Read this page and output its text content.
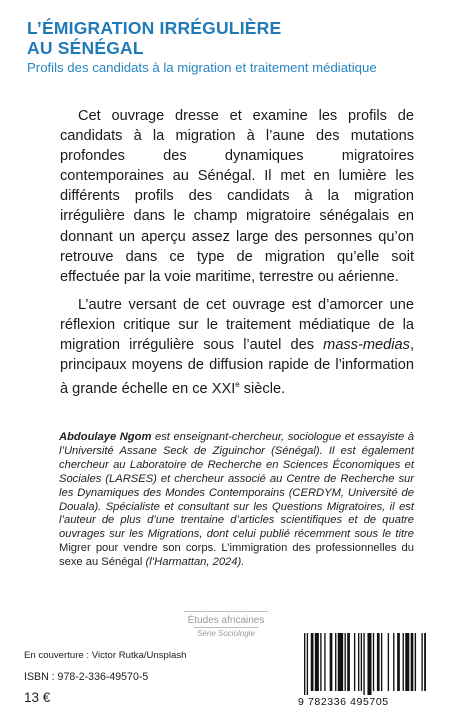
L’ÉMIGRATION IRRÉGULIÈRE
AU SÉNÉGAL

Profils des candidats à la migration et traitement médiatique

Cet ouvrage dresse et examine les profils de candidats à la migration à l’aune des mutations profondes des dynamiques migratoires contemporaines au Sénégal. Il met en lumière les différents profils des candidats à la migration irrégulière dans le champ migratoire sénégalais en donnant un aperçu assez large des personnes qu’on retrouve dans ce type de migration qu’elle soit effectuée par la voie maritime, terrestre ou aérienne.

L’autre versant de cet ouvrage est d’amorcer une réflexion critique sur le traitement médiatique de la migration irrégulière sous l’autel des mass-medias, principaux moyens de diffusion rapide de l’information à grande échelle en ce XXIe siècle.

Abdoulaye Ngom est enseignant-chercheur, sociologue et essayiste à l’Université Assane Seck de Ziguinchor (Sénégal). Il est également chercheur au Laboratoire de Recherche en Sciences Économiques et Sociales (LARSES) et chercheur associé au Centre de Recherche sur les Dynamiques des Mondes Contemporains (CERDYM, Université de Douala). Spécialiste et consultant sur les Questions Migratoires, il est l’auteur de plus d’une trentaine d’articles scientifiques et de quatre ouvrages sur les Migrations, dont celui publié récemment sous le titre Migrer pour vendre son corps. L’immigration des professionnelles du sexe au Sénégal (l’Harmattan, 2024).

Études africaines
Série Sociologie

En couverture : Victor Rutka/Unsplash

ISBN : 978-2-336-49570-5

13 €	9 782336 495705
